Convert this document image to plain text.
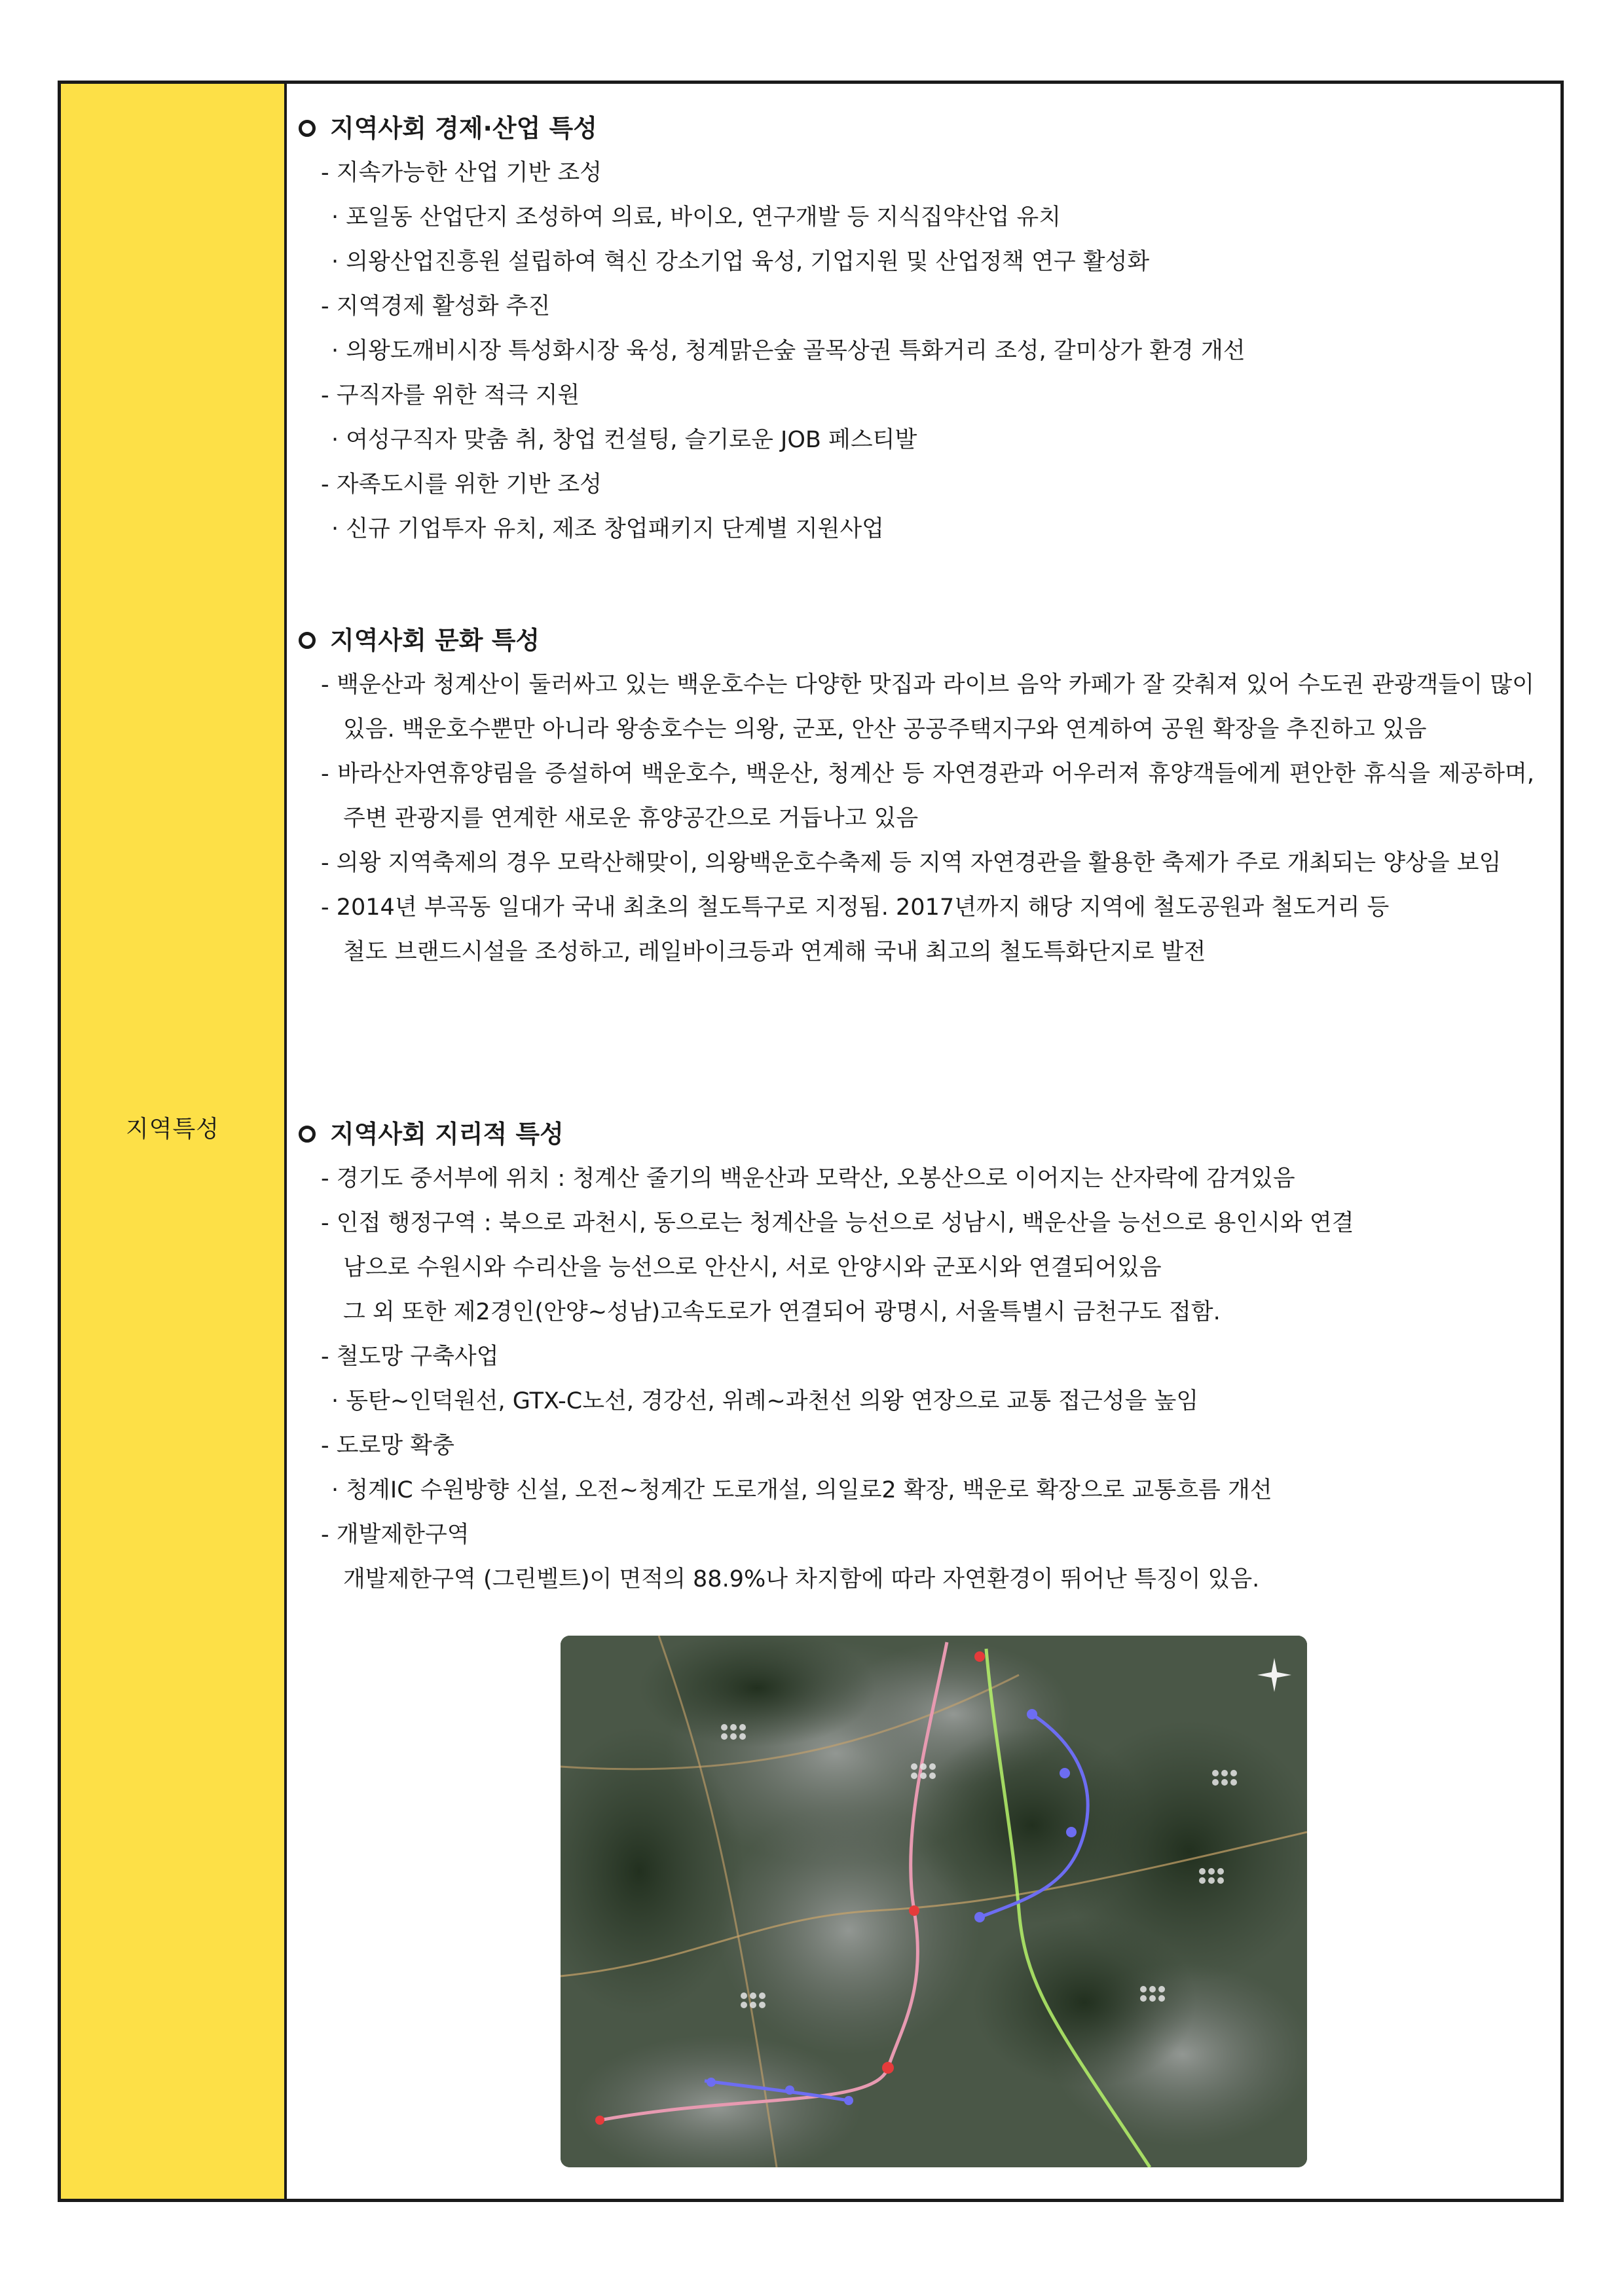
지역특성
지역사회 경제·산업 특성
- 지속가능한 산업 기반 조성
· 포일동 산업단지 조성하여 의료, 바이오, 연구개발 등 지식집약산업 유치
· 의왕산업진흥원 설립하여 혁신 강소기업 육성, 기업지원 및 산업정책 연구 활성화
- 지역경제 활성화 추진
· 의왕도깨비시장 특성화시장 육성, 청계맑은숲 골목상권 특화거리 조성, 갈미상가 환경 개선
- 구직자를 위한 적극 지원
· 여성구직자 맞춤 취, 창업 컨설팅, 슬기로운 JOB 페스티발
- 자족도시를 위한 기반 조성
· 신규 기업투자 유치, 제조 창업패키지 단계별 지원사업
지역사회 문화 특성
- 백운산과 청계산이 둘러싸고 있는 백운호수는 다양한 맛집과 라이브 음악 카페가 잘 갖춰져 있어 수도권 관광객들이 많이 있음. 백운호수뿐만 아니라 왕송호수는 의왕, 군포, 안산 공공주택지구와 연계하여 공원 확장을 추진하고 있음
- 바라산자연휴양림을 증설하여 백운호수, 백운산, 청계산 등 자연경관과 어우러져 휴양객들에게 편안한 휴식을 제공하며, 주변 관광지를 연계한 새로운 휴양공간으로 거듭나고 있음
- 의왕 지역축제의 경우 모락산해맞이, 의왕백운호수축제 등 지역 자연경관을 활용한 축제가 주로 개최되는 양상을 보임
- 2014년 부곡동 일대가 국내 최초의 철도특구로 지정됨. 2017년까지 해당 지역에 철도공원과 철도거리 등
철도 브랜드시설을 조성하고, 레일바이크등과 연계해 국내 최고의 철도특화단지로 발전
지역사회 지리적 특성
- 경기도 중서부에 위치 : 청계산 줄기의 백운산과 모락산, 오봉산으로 이어지는 산자락에 감겨있음
- 인접 행정구역 : 북으로 과천시, 동으로는 청계산을 능선으로 성남시, 백운산을 능선으로 용인시와 연결
남으로 수원시와 수리산을 능선으로 안산시, 서로 안양시와 군포시와 연결되어있음
그 외 또한 제2경인(안양~성남)고속도로가 연결되어 광명시, 서울특별시 금천구도 접함.
- 철도망 구축사업
· 동탄~인덕원선, GTX-C노선, 경강선, 위례~과천선 의왕 연장으로 교통 접근성을 높임
- 도로망 확충
· 청계IC 수원방향 신설, 오전~청계간 도로개설, 의일로2 확장, 백운로 확장으로 교통흐름 개선
- 개발제한구역
개발제한구역 (그린벨트)이 면적의 88.9%나 차지함에 따라 자연환경이 뛰어난 특징이 있음.
